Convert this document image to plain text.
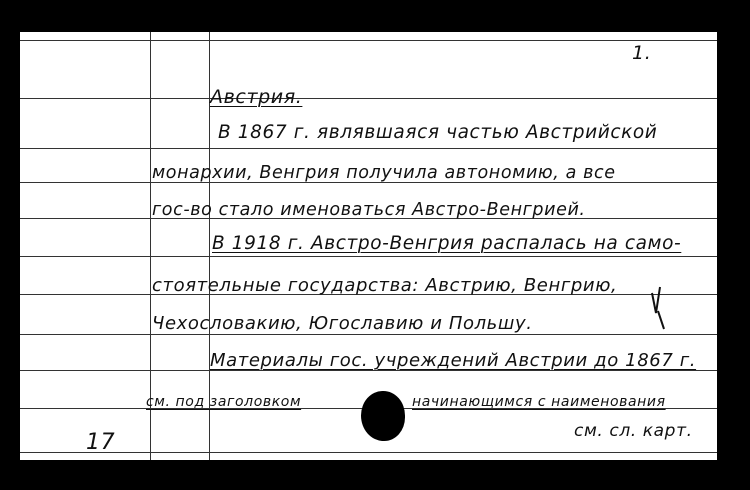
1.
Австрия.
В 1867 г. являвшаяся частью Австрийской
монархии, Венгрия получила автономию, а все
гос-во стало именоваться Австро-Венгрией.
В 1918 г. Австро-Венгрия распалась на само-
стоятельные государства: Австрию, Венгрию,
Чехословакию, Югославию и Польшу.
Материалы гос. учреждений Австрии до 1867 г.
см. под заголовком	начинающимся с наименования
см. сл. карт.
17
